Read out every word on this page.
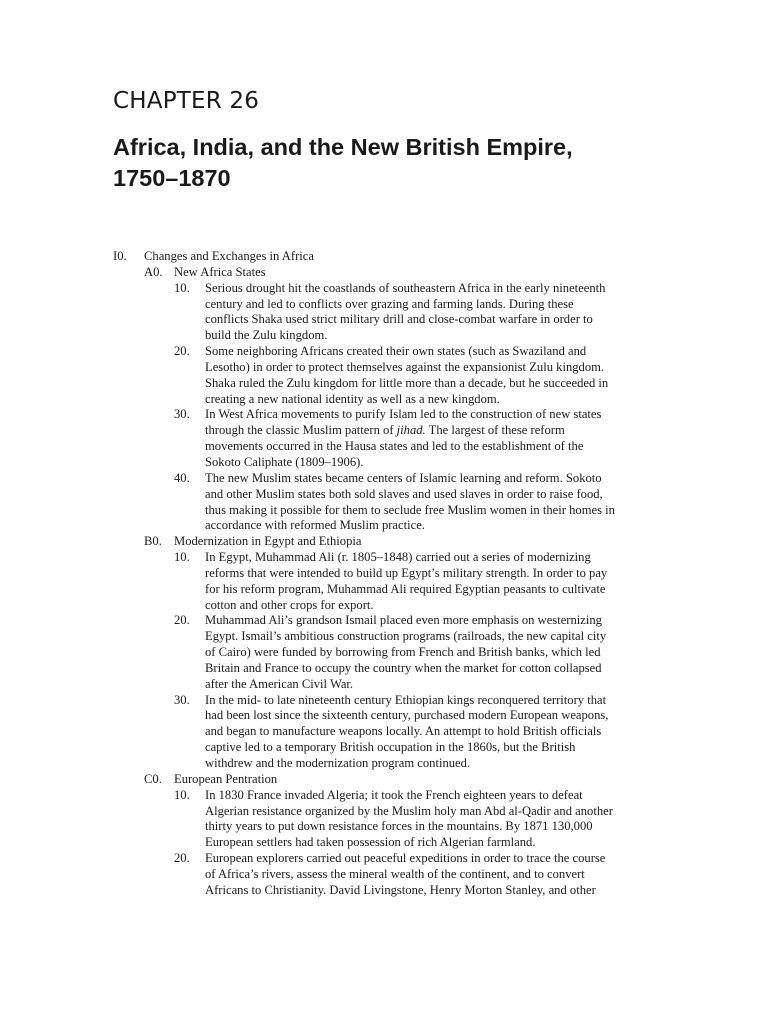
CHAPTER 26
Africa, India, and the New British Empire,
1750–1870
I0. Changes and Exchanges in Africa
A0. New Africa States
10. Serious drought hit the coastlands of southeastern Africa in the early nineteenth
century and led to conflicts over grazing and farming lands. During these
conflicts Shaka used strict military drill and close-combat warfare in order to
build the Zulu kingdom.
20. Some neighboring Africans created their own states (such as Swaziland and
Lesotho) in order to protect themselves against the expansionist Zulu kingdom.
Shaka ruled the Zulu kingdom for little more than a decade, but he succeeded in
creating a new national identity as well as a new kingdom.
30. In West Africa movements to purify Islam led to the construction of new states
through the classic Muslim pattern of jihad. The largest of these reform
movements occurred in the Hausa states and led to the establishment of the
Sokoto Caliphate (1809–1906).
40. The new Muslim states became centers of Islamic learning and reform. Sokoto
and other Muslim states both sold slaves and used slaves in order to raise food,
thus making it possible for them to seclude free Muslim women in their homes in
accordance with reformed Muslim practice.
B0. Modernization in Egypt and Ethiopia
10. In Egypt, Muhammad Ali (r. 1805–1848) carried out a series of modernizing
reforms that were intended to build up Egypt’s military strength. In order to pay
for his reform program, Muhammad Ali required Egyptian peasants to cultivate
cotton and other crops for export.
20. Muhammad Ali’s grandson Ismail placed even more emphasis on westernizing
Egypt. Ismail’s ambitious construction programs (railroads, the new capital city
of Cairo) were funded by borrowing from French and British banks, which led
Britain and France to occupy the country when the market for cotton collapsed
after the American Civil War.
30. In the mid- to late nineteenth century Ethiopian kings reconquered territory that
had been lost since the sixteenth century, purchased modern European weapons,
and began to manufacture weapons locally. An attempt to hold British officials
captive led to a temporary British occupation in the 1860s, but the British
withdrew and the modernization program continued.
C0. European Pentration
10. In 1830 France invaded Algeria; it took the French eighteen years to defeat
Algerian resistance organized by the Muslim holy man Abd al-Qadir and another
thirty years to put down resistance forces in the mountains. By 1871 130,000
European settlers had taken possession of rich Algerian farmland.
20. European explorers carried out peaceful expeditions in order to trace the course
of Africa’s rivers, assess the mineral wealth of the continent, and to convert
Africans to Christianity. David Livingstone, Henry Morton Stanley, and other
